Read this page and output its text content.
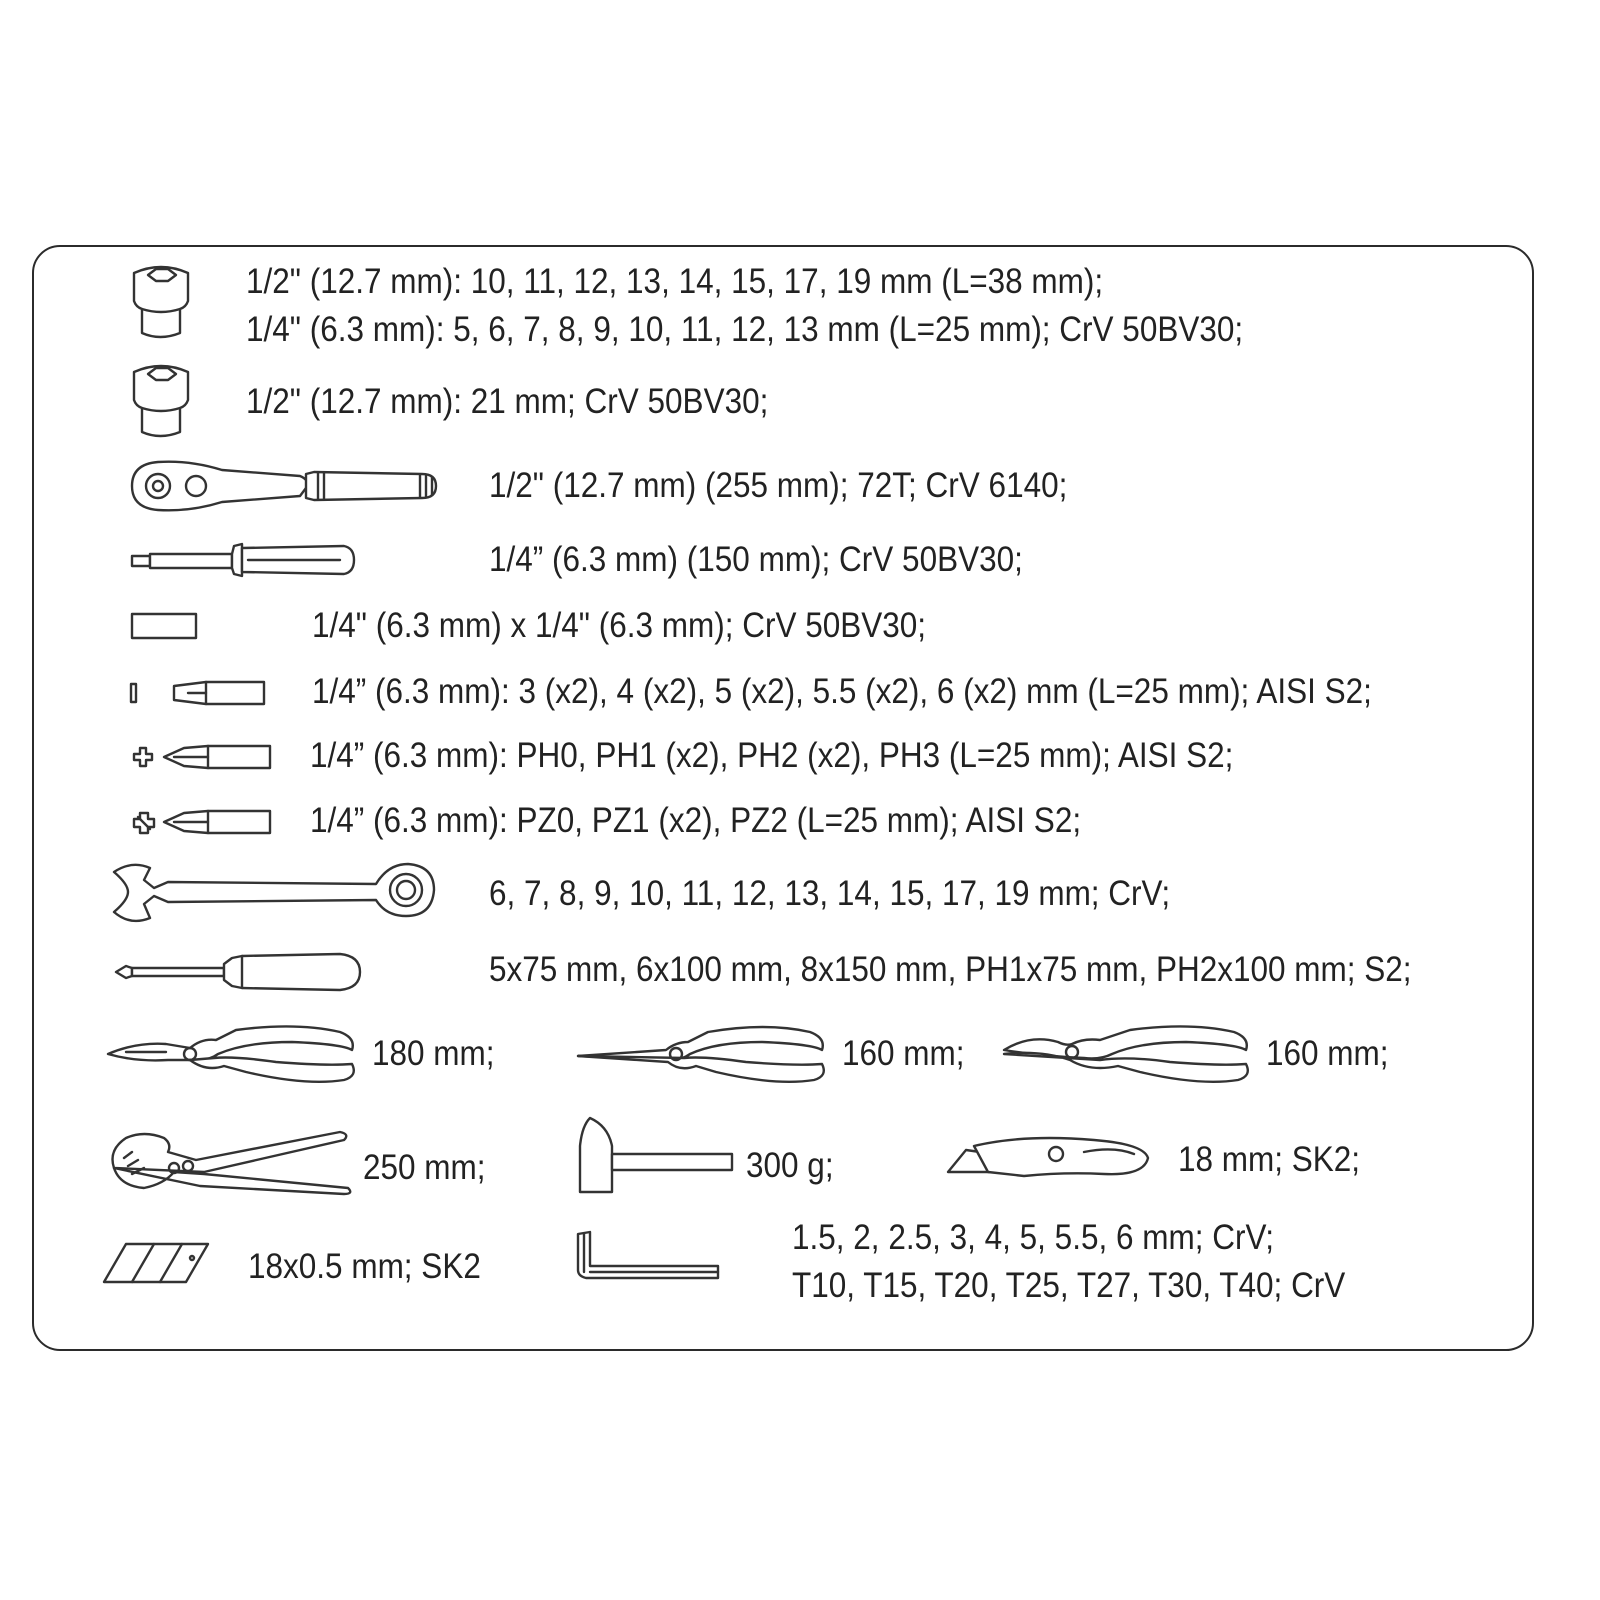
1/2" (12.7 mm): 10, 11, 12, 13, 14, 15, 17, 19 mm (L=38 mm);
1/4" (6.3 mm): 5, 6, 7, 8, 9, 10, 11, 12, 13 mm (L=25 mm); CrV 50BV30;
1/2" (12.7 mm): 21 mm; CrV 50BV30;
1/2" (12.7 mm) (255 mm); 72T; CrV 6140;
1/4” (6.3 mm) (150 mm); CrV 50BV30;
1/4" (6.3 mm) x 1/4" (6.3 mm); CrV 50BV30;
1/4” (6.3 mm): 3 (x2), 4 (x2), 5 (x2), 5.5 (x2), 6 (x2) mm (L=25 mm); AISI S2;
1/4” (6.3 mm): PH0, PH1 (x2), PH2 (x2), PH3 (L=25 mm); AISI S2;
1/4” (6.3 mm): PZ0, PZ1 (x2), PZ2 (L=25 mm); AISI S2;
6, 7, 8, 9, 10, 11, 12, 13, 14, 15, 17, 19 mm; CrV;
5x75 mm, 6x100 mm, 8x150 mm, PH1x75 mm, PH2x100 mm; S2;
180 mm;	160 mm;	160 mm;
250 mm;	300 g;	18 mm; SK2;
18x0.5 mm; SK2
1.5, 2, 2.5, 3, 4, 5, 5.5, 6 mm; CrV;
T10, T15, T20, T25, T27, T30, T40; CrV
